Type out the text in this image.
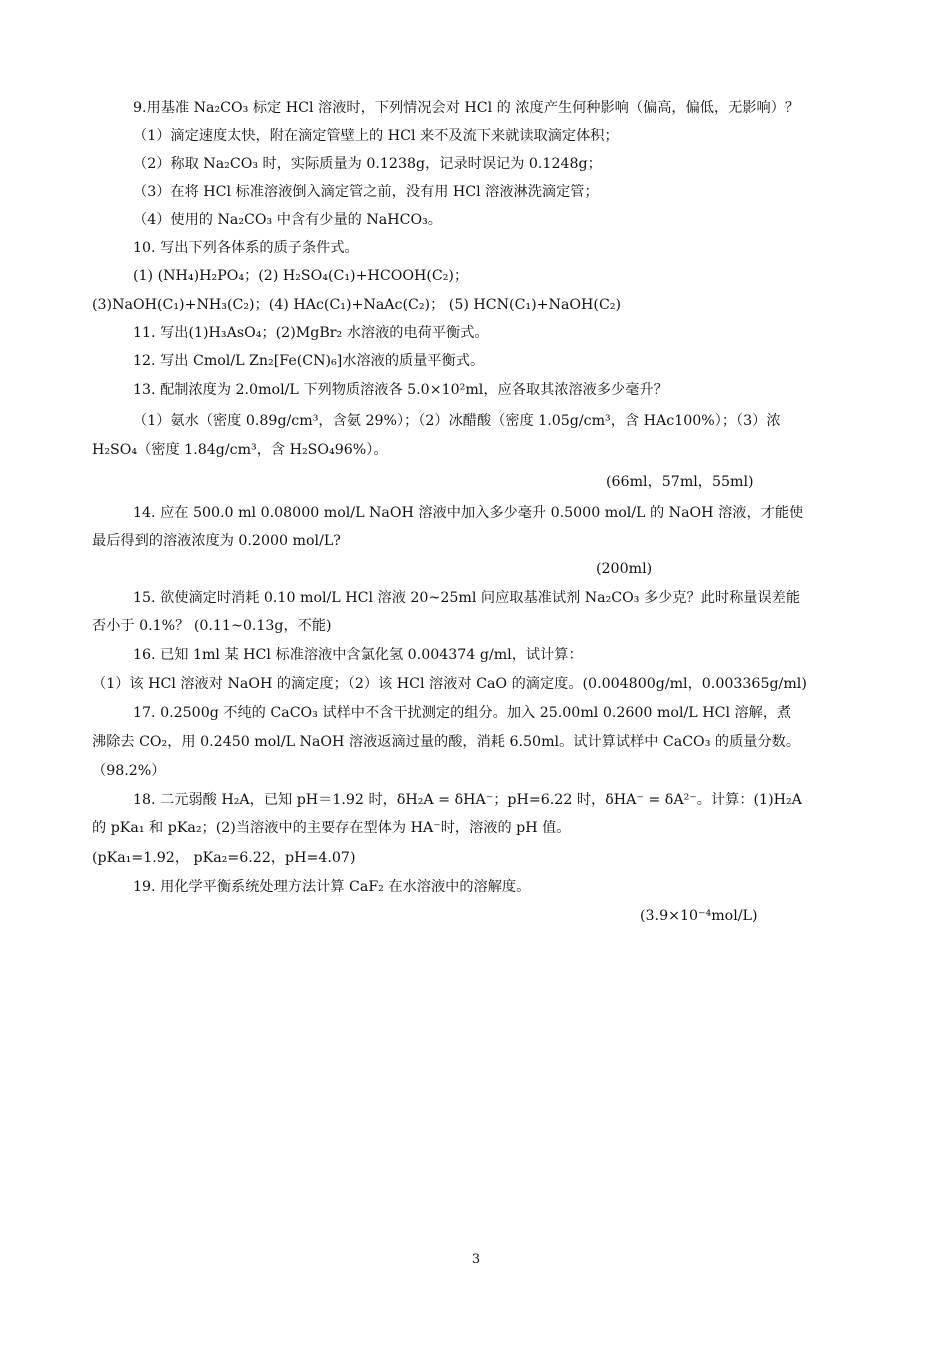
9.用基准 Na₂CO₃ 标定 HCl 溶液时，下列情况会对 HCl 的 浓度产生何种影响（偏高，偏低，无影响）？
（1）滴定速度太快，附在滴定管壁上的 HCl 来不及流下来就读取滴定体积；
（2）称取 Na₂CO₃ 时，实际质量为 0.1238g，记录时误记为 0.1248g；
（3）在将 HCl 标准溶液倒入滴定管之前，没有用 HCl 溶液淋洗滴定管；
（4）使用的 Na₂CO₃ 中含有少量的 NaHCO₃。
10. 写出下列各体系的质子条件式。
(1) (NH₄)H₂PO₄；(2) H₂SO₄(C₁)+HCOOH(C₂)；
(3)NaOH(C₁)+NH₃(C₂)；(4) HAc(C₁)+NaAc(C₂)； (5) HCN(C₁)+NaOH(C₂)
11. 写出(1)H₃AsO₄；(2)MgBr₂ 水溶液的电荷平衡式。
12. 写出 Cmol/L Zn₂[Fe(CN)₆]水溶液的质量平衡式。
13. 配制浓度为 2.0mol/L 下列物质溶液各 5.0×10²ml，应各取其浓溶液多少毫升？
（1）氨水（密度 0.89g/cm³，含氨 29%）；（2）冰醋酸（密度 1.05g/cm³，含 HAc100%）；（3）浓
H₂SO₄（密度 1.84g/cm³，含 H₂SO₄96%）。
(66ml，57ml，55ml)
14. 应在 500.0 ml 0.08000 mol/L NaOH 溶液中加入多少毫升 0.5000 mol/L 的 NaOH 溶液，才能使
最后得到的溶液浓度为 0.2000 mol/L?
(200ml)
15. 欲使滴定时消耗 0.10 mol/L HCl 溶液 20~25ml 问应取基准试剂 Na₂CO₃ 多少克？此时称量误差能
否小于 0.1%？ (0.11~0.13g，不能)
16. 已知 1ml 某 HCl 标准溶液中含氯化氢 0.004374 g/ml，试计算：
（1）该 HCl 溶液对 NaOH 的滴定度；（2）该 HCl 溶液对 CaO 的滴定度。(0.004800g/ml，0.003365g/ml)
17. 0.2500g 不纯的 CaCO₃ 试样中不含干扰测定的组分。加入 25.00ml 0.2600 mol/L HCl 溶解，煮
沸除去 CO₂，用 0.2450 mol/L NaOH 溶液返滴过量的酸，消耗 6.50ml。试计算试样中 CaCO₃ 的质量分数。
（98.2%）
18. 二元弱酸 H₂A，已知 pH＝1.92 时，δH₂A = δHA⁻；pH=6.22 时，δHA⁻ = δA²⁻。计算：(1)H₂A
的 pKa₁ 和 pKa₂；(2)当溶液中的主要存在型体为 HA⁻时，溶液的 pH 值。
(pKa₁=1.92， pKa₂=6.22，pH=4.07)
19. 用化学平衡系统处理方法计算 CaF₂ 在水溶液中的溶解度。
(3.9×10⁻⁴mol/L)
3
